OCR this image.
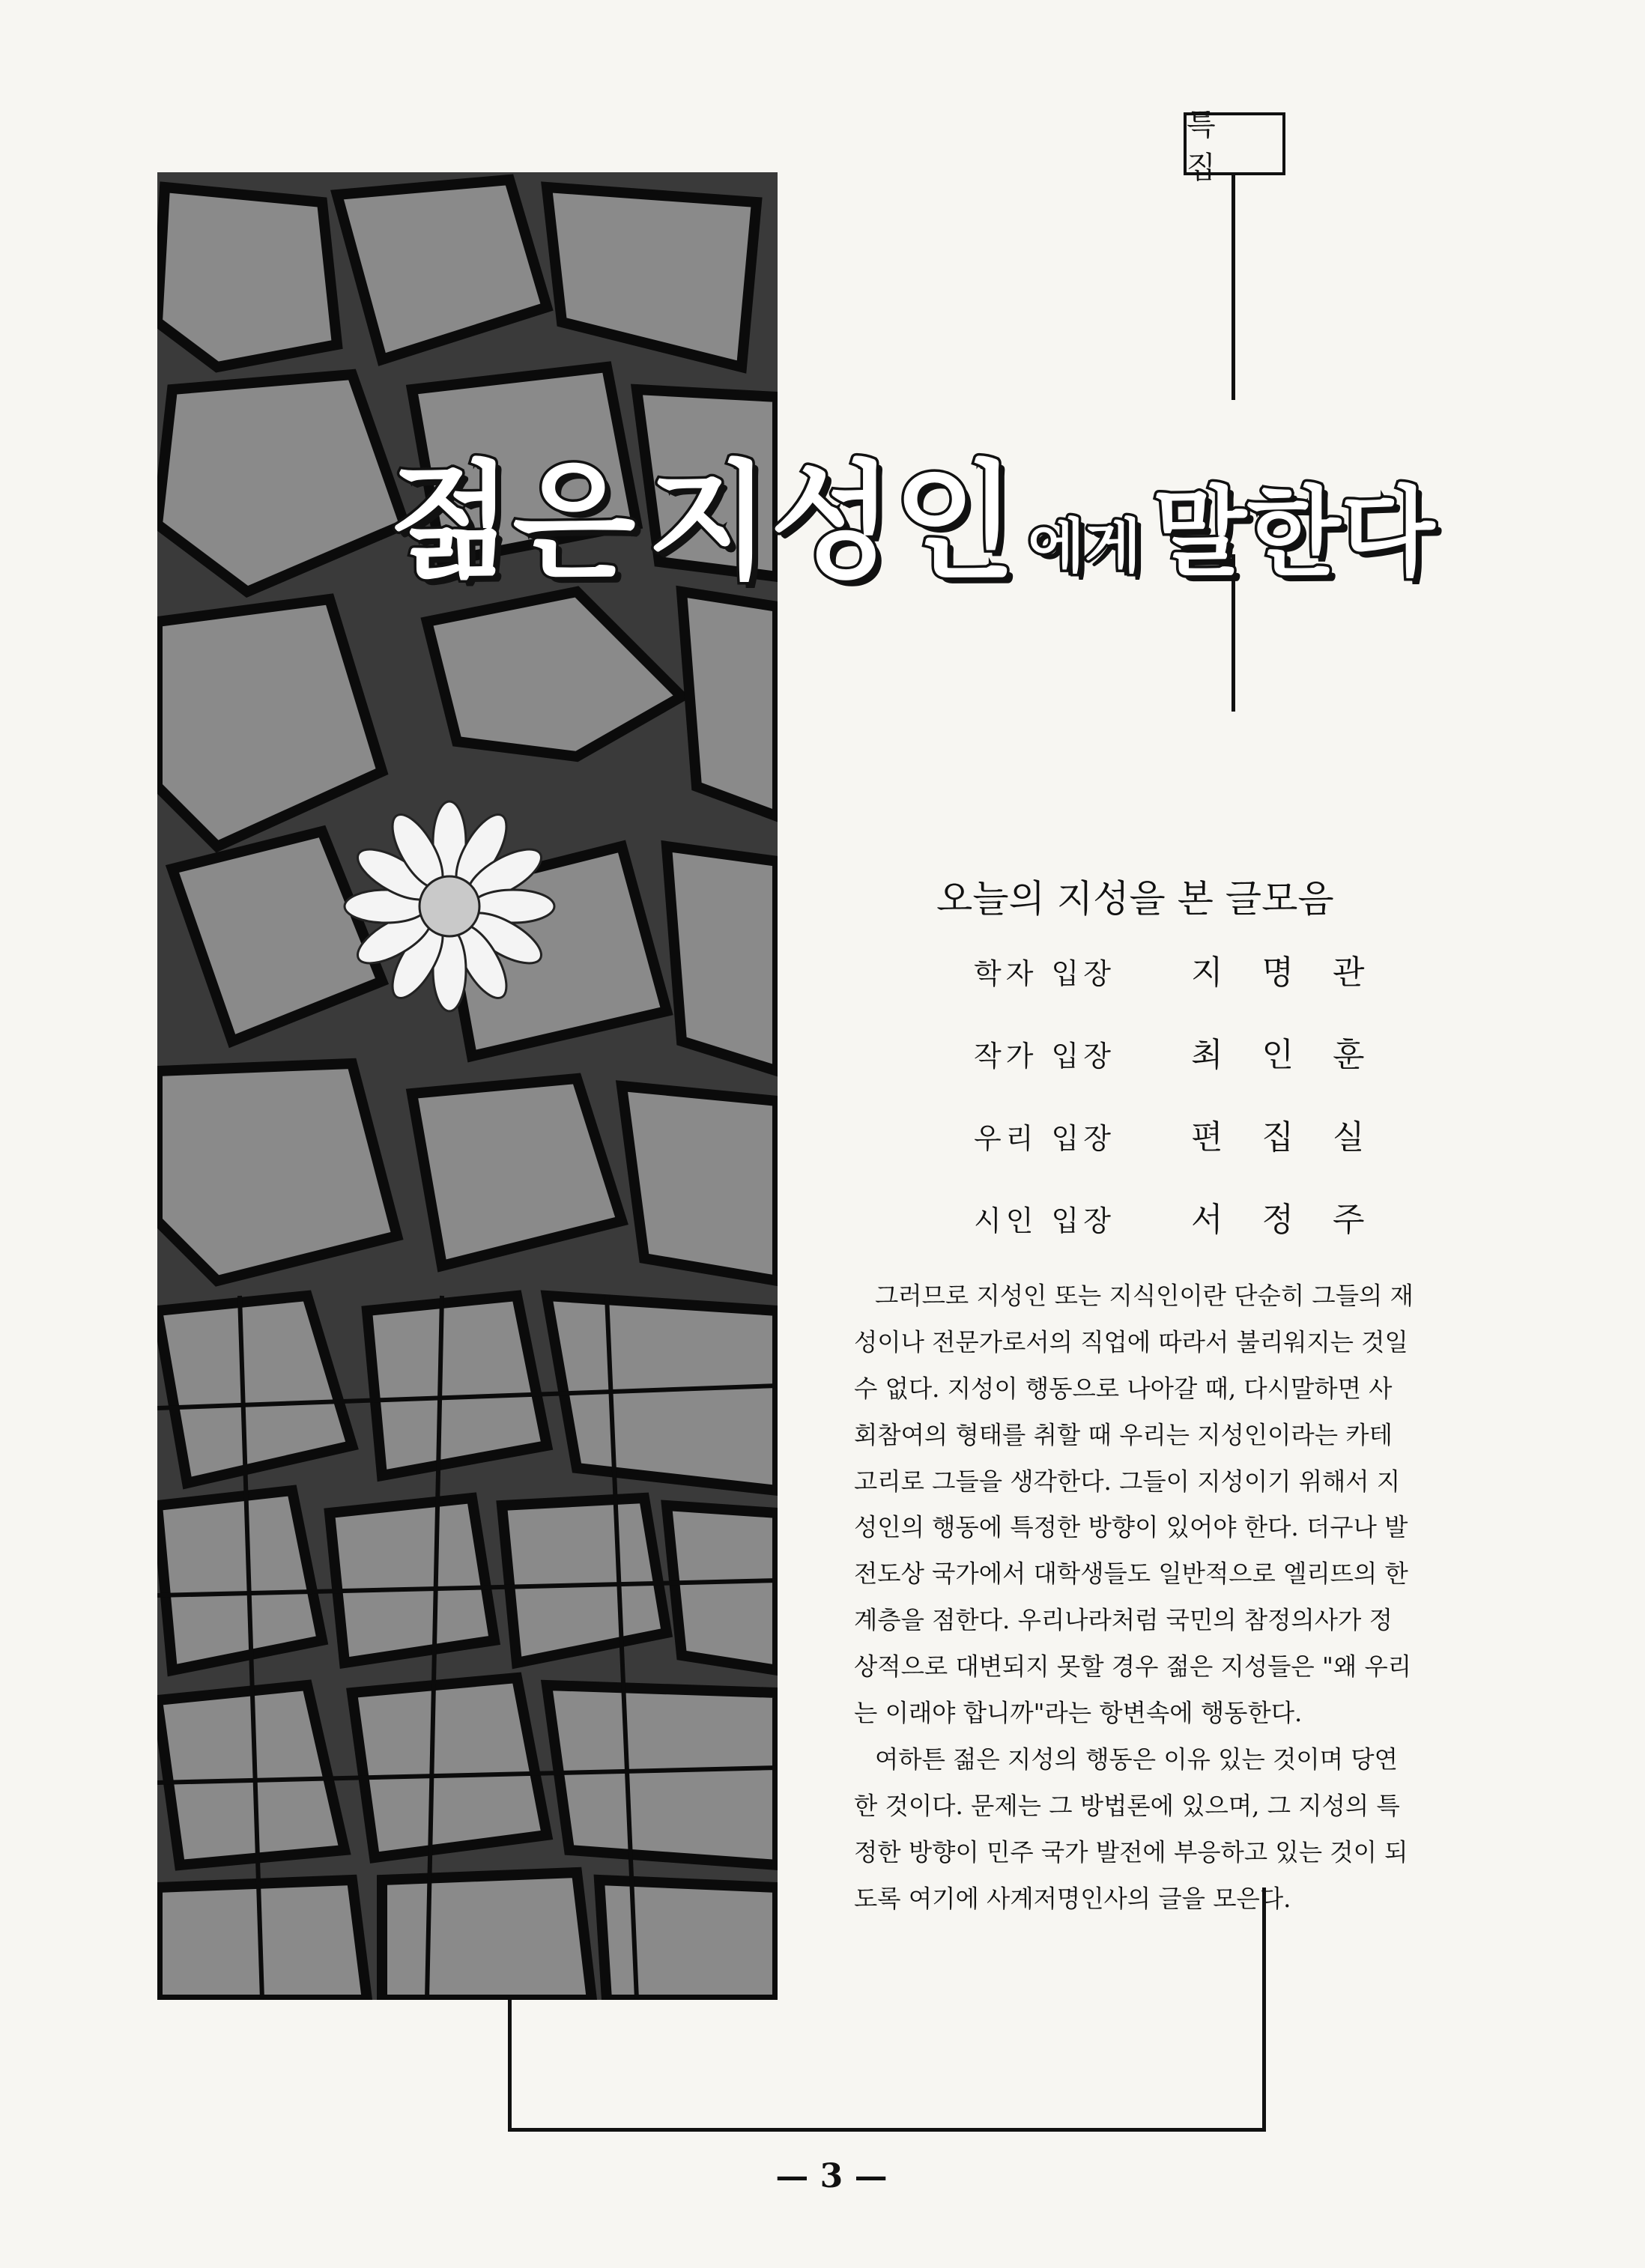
특 집
젊은 지성인 에게 말한다
오늘의 지성을 본 글모음
학자 입장 지명관
작가 입장 최인훈
우리 입장 편집실
시인 입장 서정주
그러므로 지성인 또는 지식인이란 단순히 그들의 재
성이나 전문가로서의 직업에 따라서 불리워지는 것일
수 없다. 지성이 행동으로 나아갈 때, 다시말하면 사
회참여의 형태를 취할 때 우리는 지성인이라는 카테
고리로 그들을 생각한다. 그들이 지성이기 위해서 지
성인의 행동에 특정한 방향이 있어야 한다. 더구나 발
전도상 국가에서 대학생들도 일반적으로 엘리뜨의 한
계층을 점한다. 우리나라처럼 국민의 참정의사가 정
상적으로 대변되지 못할 경우 젊은 지성들은 "왜 우리
는 이래야 합니까"라는 항변속에 행동한다.
여하튼 젊은 지성의 행동은 이유 있는 것이며 당연
한 것이다. 문제는 그 방법론에 있으며, 그 지성의 특
정한 방향이 민주 국가 발전에 부응하고 있는 것이 되
도록 여기에 사계저명인사의 글을 모은다.
— 3 —
